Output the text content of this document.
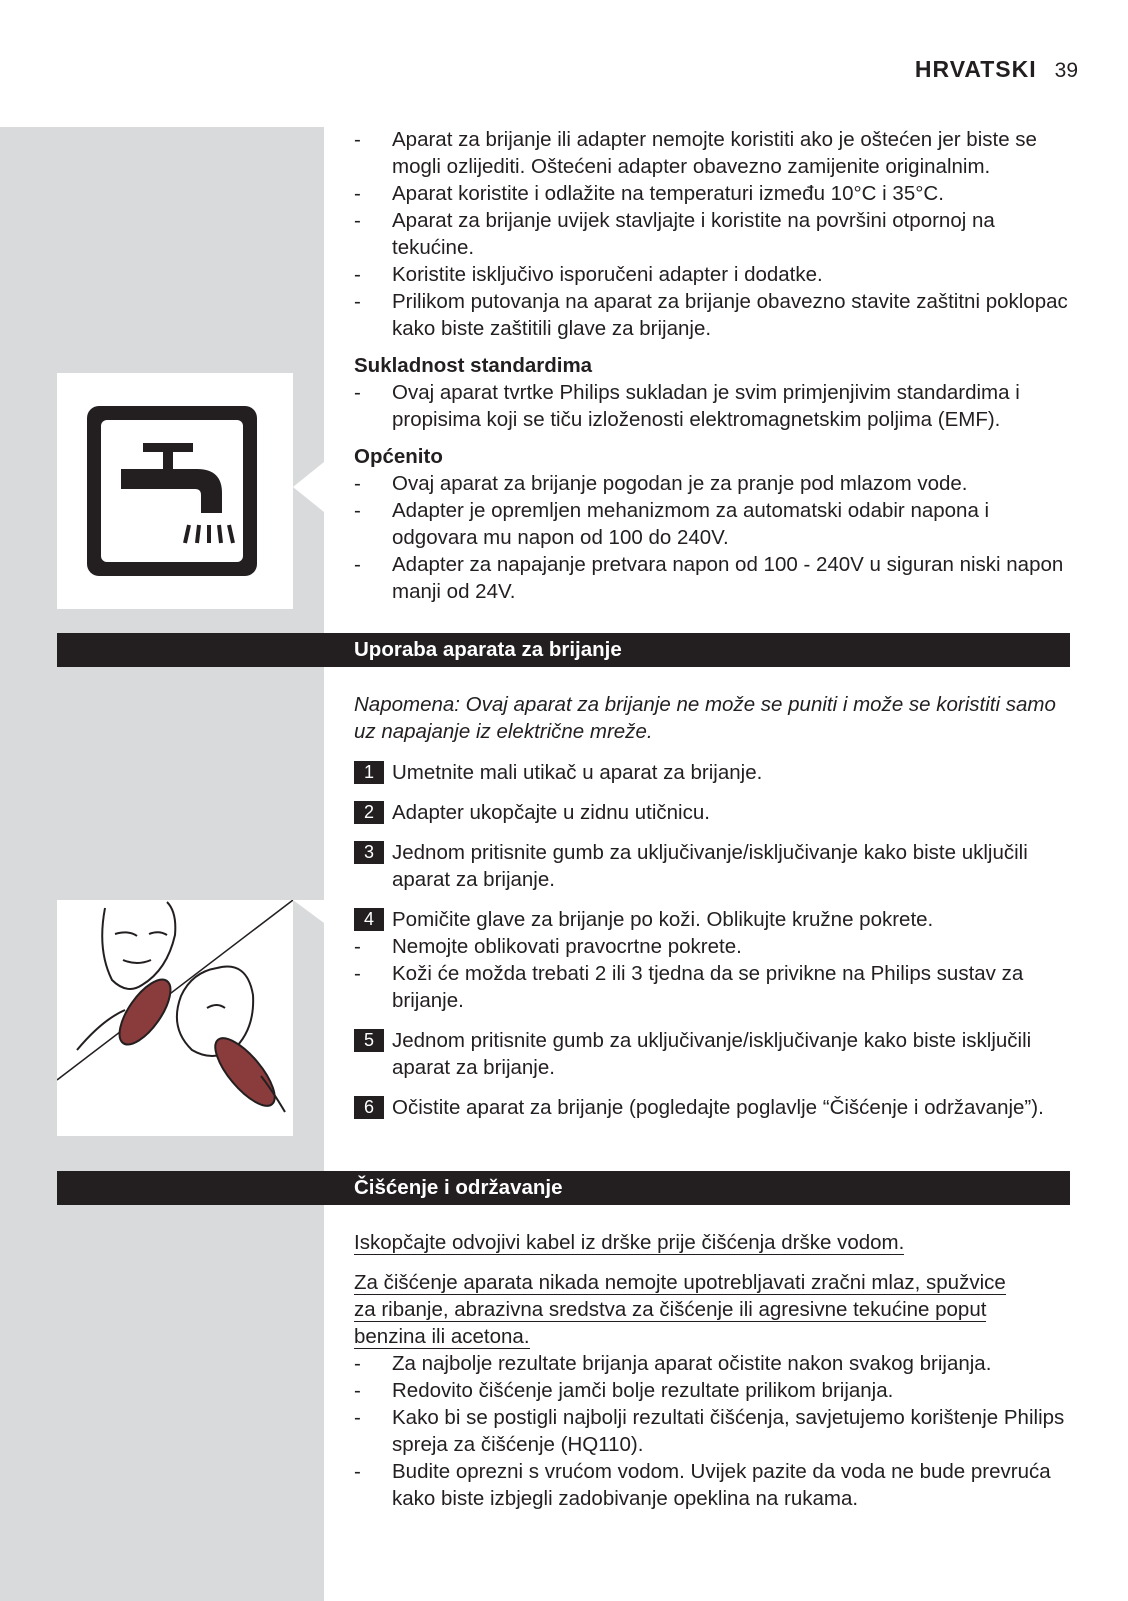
HRVATSKI 39
- Aparat za brijanje ili adapter nemojte koristiti ako je oštećen jer biste se mogli ozlijediti. Oštećeni adapter obavezno zamijenite originalnim.
- Aparat koristite i odlažite na temperaturi između 10°C i 35°C.
- Aparat za brijanje uvijek stavljajte i koristite na površini otpornoj na tekućine.
- Koristite isključivo isporučeni adapter i dodatke.
- Prilikom putovanja na aparat za brijanje obavezno stavite zaštitni poklopac kako biste zaštitili glave za brijanje.
Sukladnost standardima
- Ovaj aparat tvrtke Philips sukladan je svim primjenjivim standardima i propisima koji se tiču izloženosti elektromagnetskim poljima (EMF).
Općenito
- Ovaj aparat za brijanje pogodan je za pranje pod mlazom vode.
- Adapter je opremljen mehanizmom za automatski odabir napona i odgovara mu napon od 100 do 240V.
- Adapter za napajanje pretvara napon od 100 - 240V u siguran niski napon manji od 24V.
Uporaba aparata za brijanje
Napomena: Ovaj aparat za brijanje ne može se puniti i može se koristiti samo uz napajanje iz električne mreže.
1 Umetnite mali utikač u aparat za brijanje.
2 Adapter ukopčajte u zidnu utičnicu.
3 Jednom pritisnite gumb za uključivanje/isključivanje kako biste uključili aparat za brijanje.
4 Pomičite glave za brijanje po koži. Oblikujte kružne pokrete.
- Nemojte oblikovati pravocrtne pokrete.
- Koži će možda trebati 2 ili 3 tjedna da se privikne na Philips sustav za brijanje.
5 Jednom pritisnite gumb za uključivanje/isključivanje kako biste isključili aparat za brijanje.
6 Očistite aparat za brijanje (pogledajte poglavlje “Čišćenje i održavanje”).
Čišćenje i održavanje
Iskopčajte odvojivi kabel iz drške prije čišćenja drške vodom.
Za čišćenje aparata nikada nemojte upotrebljavati zračni mlaz, spužvice
za ribanje, abrazivna sredstva za čišćenje ili agresivne tekućine poput
benzina ili acetona.
- Za najbolje rezultate brijanja aparat očistite nakon svakog brijanja.
- Redovito čišćenje jamči bolje rezultate prilikom brijanja.
- Kako bi se postigli najbolji rezultati čišćenja, savjetujemo korištenje Philips spreja za čišćenje (HQ110).
- Budite oprezni s vrućom vodom. Uvijek pazite da voda ne bude prevruća kako biste izbjegli zadobivanje opeklina na rukama.
